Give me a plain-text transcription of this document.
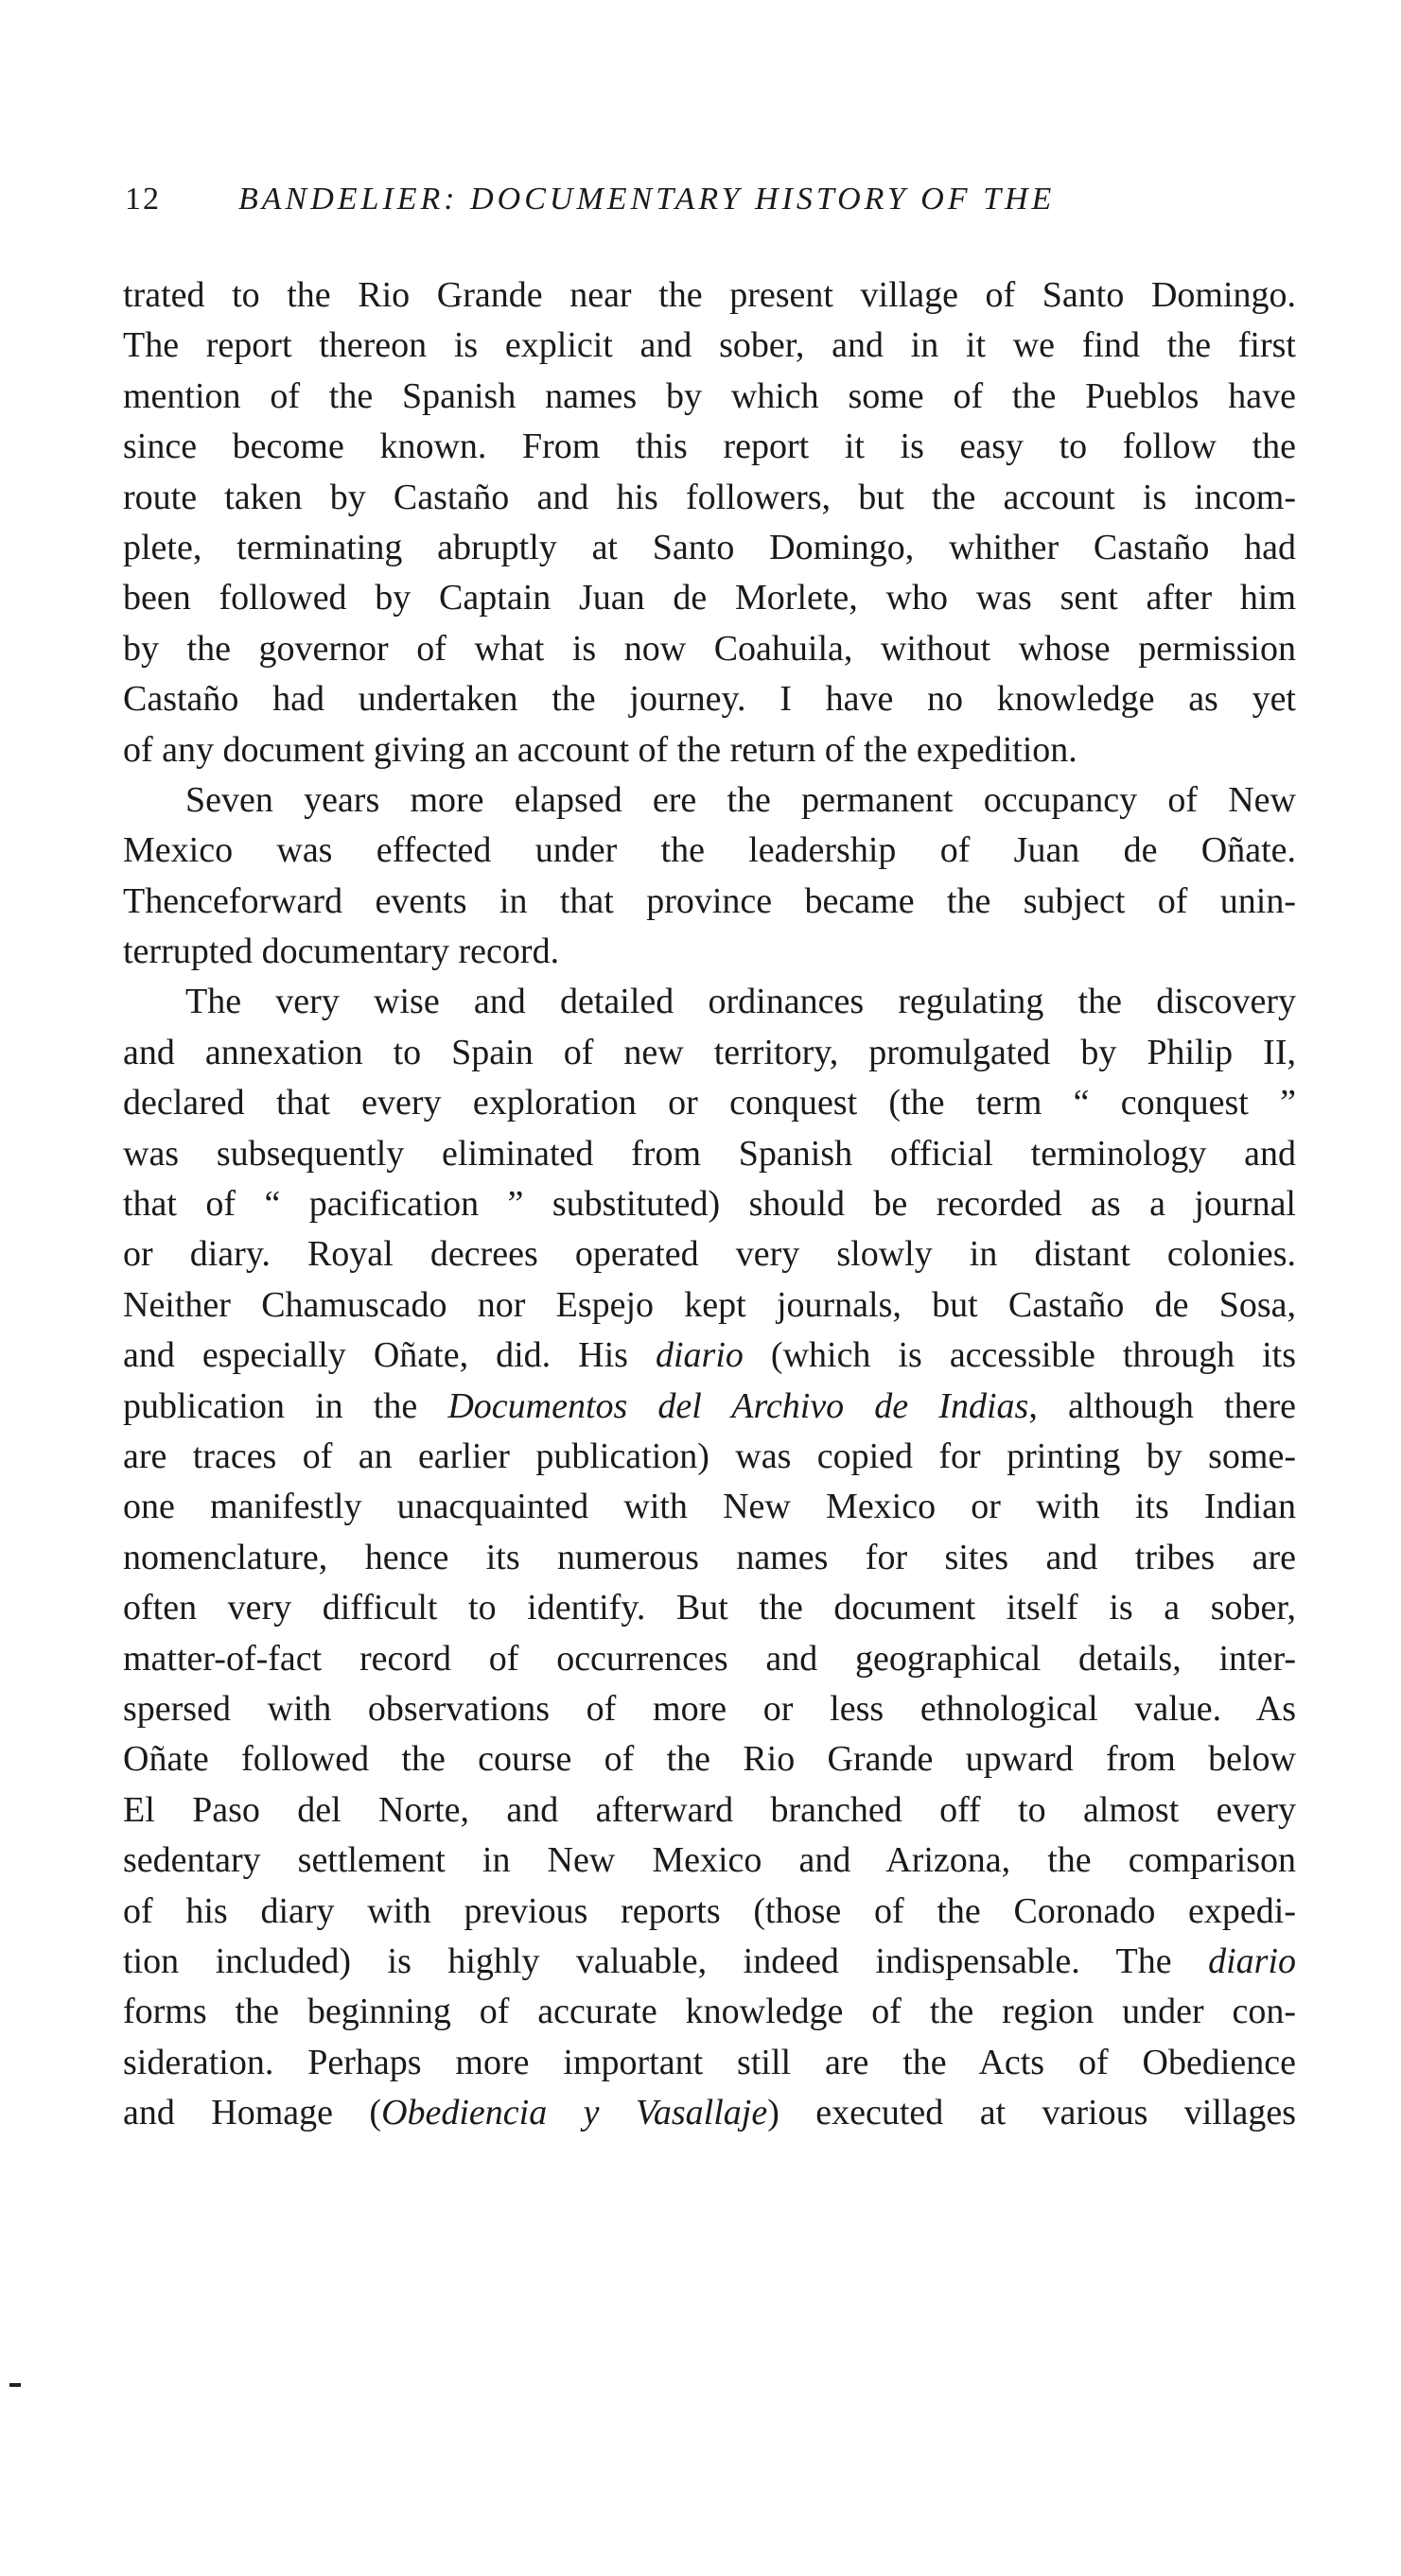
12 BANDELIER: DOCUMENTARY HISTORY OF THE
trated to the Rio Grande near the present village of Santo Domingo.
The report thereon is explicit and sober, and in it we find the first
mention of the Spanish names by which some of the Pueblos have
since become known. From this report it is easy to follow the
route taken by Castaño and his followers, but the account is incom-
plete, terminating abruptly at Santo Domingo, whither Castaño had
been followed by Captain Juan de Morlete, who was sent after him
by the governor of what is now Coahuila, without whose permission
Castaño had undertaken the journey. I have no knowledge as yet
of any document giving an account of the return of the expedition.
Seven years more elapsed ere the permanent occupancy of New
Mexico was effected under the leadership of Juan de Oñate.
Thenceforward events in that province became the subject of unin-
terrupted documentary record.
The very wise and detailed ordinances regulating the discovery
and annexation to Spain of new territory, promulgated by Philip II,
declared that every exploration or conquest (the term “ conquest ”
was subsequently eliminated from Spanish official terminology and
that of “ pacification ” substituted) should be recorded as a journal
or diary. Royal decrees operated very slowly in distant colonies.
Neither Chamuscado nor Espejo kept journals, but Castaño de Sosa,
and especially Oñate, did. His diario (which is accessible through its
publication in the Documentos del Archivo de Indias, although there
are traces of an earlier publication) was copied for printing by some-
one manifestly unacquainted with New Mexico or with its Indian
nomenclature, hence its numerous names for sites and tribes are
often very difficult to identify. But the document itself is a sober,
matter-of-fact record of occurrences and geographical details, inter-
spersed with observations of more or less ethnological value. As
Oñate followed the course of the Rio Grande upward from below
El Paso del Norte, and afterward branched off to almost every
sedentary settlement in New Mexico and Arizona, the comparison
of his diary with previous reports (those of the Coronado expedi-
tion included) is highly valuable, indeed indispensable. The diario
forms the beginning of accurate knowledge of the region under con-
sideration. Perhaps more important still are the Acts of Obedience
and Homage (Obediencia y Vasallaje) executed at various villages
